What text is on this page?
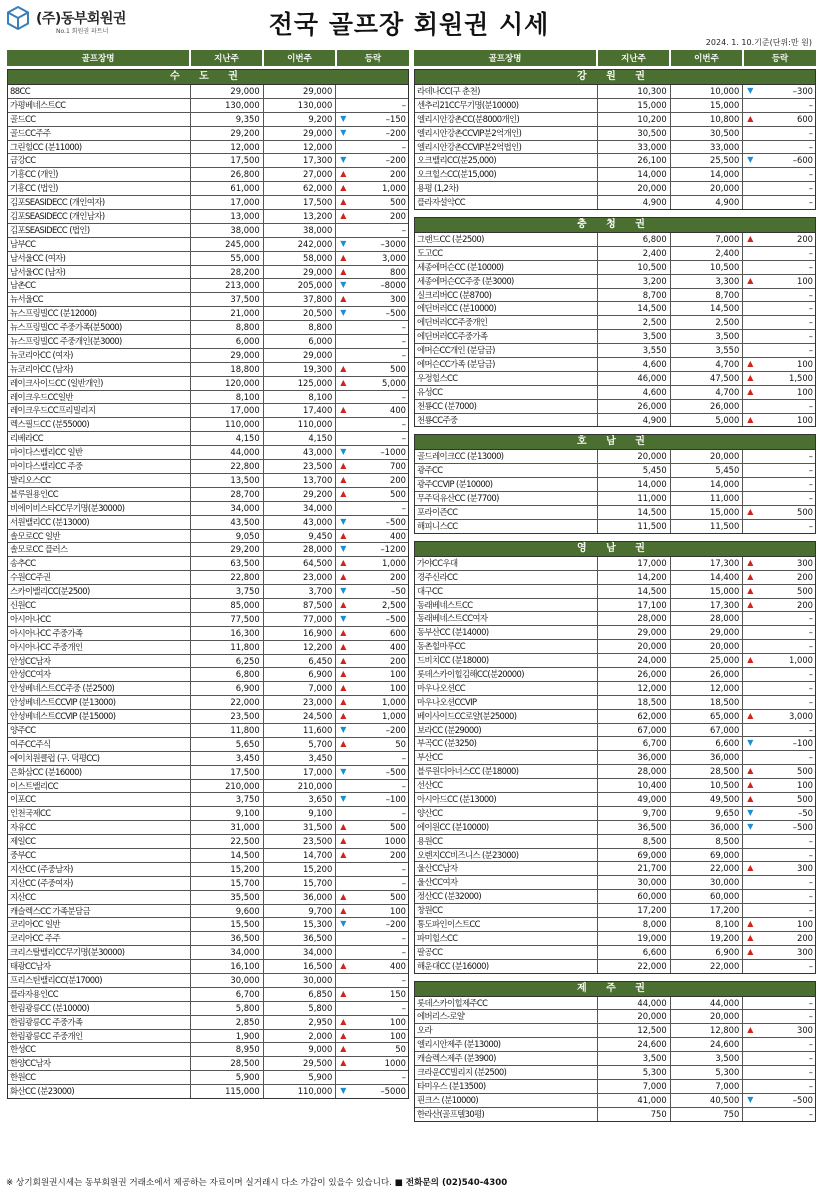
(주)동부회원권
No.1 회원권 파트너	전국 골프장 회원권 시세
2024. 1. 10.기준(단위:만 원)
골프장명	지난주	이번주	등락
수 도 권
88CC	29,000	29,000
가평베네스트CC	130,000	130,000	–
골드CC	9,350	9,200 ▼	–150
골드CC주주	29,200	29,000 ▼	–200
그린힐CC (분11000)	12,000	12,000	–
금강CC	17,500	17,300 ▼	–200
기흥CC (개인)	26,800	27,000 ▲	200
기흥CC (법인)	61,000	62,000 ▲	1,000
김포SEASIDECC (개인여자)	17,000	17,500 ▲	500
김포SEASIDECC (개인남자)	13,000	13,200 ▲	200
김포SEASIDECC (법인)	38,000	38,000	–
남부CC	245,000	242,000 ▼	–3000
남서울CC (여자)	55,000	58,000 ▲	3,000
남서울CC (남자)	28,200	29,000 ▲	800
남촌CC	213,000	205,000 ▼	–8000
뉴서울CC	37,500	37,800 ▲	300
뉴스프링빌CC (분12000)	21,000	20,500 ▼	–500
뉴스프링빌CC 주중가족(분5000)	8,800	8,800	–
뉴스프링빌CC 주중개인(분3000)	6,000	6,000	–
뉴코리아CC (여자)	29,000	29,000	–
뉴코리아CC (남자)	18,800	19,300 ▲	500
레이크사이드CC (일반개인)	120,000	125,000 ▲	5,000
레이크우드CC일반	8,100	8,100	–
레이크우드CC프리빌리지	17,000	17,400 ▲	400
렉스필드CC (분55000)	110,000	110,000	–
리베라CC	4,150	4,150	–
마이다스밸리CC 일반	44,000	43,000 ▼	–1000
마이다스밸리CC 주중	22,800	23,500 ▲	700
발리오스CC	13,500	13,700 ▲	200
블루원용인CC	28,700	29,200 ▲	500
비에이비스타CC무기명(분30000)	34,000	34,000	–
서원밸리CC (분13000)	43,500	43,000 ▼	–500
솔모로CC 일반	9,050	9,450 ▲	400
솔모로CC 플러스	29,200	28,000 ▼	–1200
송추CC	63,500	64,500 ▲	1,000
수원CC주권	22,800	23,000 ▲	200
스카이밸리CC(분2500)	3,750	3,700 ▼	–50
신원CC	85,000	87,500 ▲	2,500
아시아나CC	77,500	77,000 ▼	–500
아시아나CC 주중가족	16,300	16,900 ▲	600
아시아나CC 주중개인	11,800	12,200 ▲	400
안성CC남자	6,250	6,450 ▲	200
안성CC여자	6,800	6,900 ▲	100
안성베네스트CC주중 (분2500)	6,900	7,000 ▲	100
안성베네스트CCVIP (분13000)	22,000	23,000 ▲	1,000
안성베네스트CCVIP (분15000)	23,500	24,500 ▲	1,000
양주CC	11,800	11,600 ▼	–200
여주CC주식	5,650	5,700 ▲	50
에이치원클럽 (구. 덕평CC)	3,450	3,450	–
은화삼CC (분16000)	17,500	17,000 ▼	–500
이스트밸리CC	210,000	210,000	–
이포CC	3,750	3,650 ▼	–100
인천국제CC	9,100	9,100	–
자유CC	31,000	31,500 ▲	500
제일CC	22,500	23,500 ▲	1000
중부CC	14,500	14,700 ▲	200
지산CC (주중남자)	15,200	15,200	–
지산CC (주중여자)	15,700	15,700	–
지산CC	35,500	36,000 ▲	500
캐슬렉스CC 가족분담금	9,600	9,700 ▲	100
코리아CC 일반	15,500	15,300 ▼	–200
코리아CC 주주	36,500	36,500	–
크리스탈밸리CC무기명(분30000)	34,000	34,000	–
태광CC남자	16,100	16,500 ▲	400
프리스틴밸리CC(분17000)	30,000	30,000	–
플라자용인CC	6,700	6,850 ▲	150
한림광릉CC (분10000)	5,800	5,800	–
한림광릉CC 주중가족	2,850	2,950 ▲	100
한림광릉CC 주중개인	1,900	2,000 ▲	100
한성CC	8,950	9,000 ▲	50
한양CC남자	28,500	29,500 ▲	1000
한원CC	5,900	5,900	–
화산CC (분23000)	115,000	110,000 ▼	–5000
골프장명	지난주	이번주	등락
강 원 권
라데나CC(구 춘천)	10,300	10,000 ▼	–300
센추리21CC무기명(분10000)	15,000	15,000	–
엘리시안강촌CC(분8000개인)	10,200	10,800 ▲	600
엘리시안강촌CCVIP분2억개인)	30,500	30,500	–
엘리시안강촌CCVIP분2억법인)	33,000	33,000	–
오크밸리CC(분25,000)	26,100	25,500 ▼	–600
오크힐스CC(분15,000)	14,000	14,000	–
용평 (1,2차)	20,000	20,000	–
플라자설악CC	4,900	4,900	–
충 청 권
그랜드CC (분2500)	6,800	7,000 ▲	200
도고CC	2,400	2,400	–
세종에머슨CC (분10000)	10,500	10,500	–
세종에머슨CC주중 (분3000)	3,200	3,300 ▲	100
실크리버CC (분8700)	8,700	8,700	–
에딘버러CC (분10000)	14,500	14,500	–
에딘버러CC주중개인	2,500	2,500	–
에딘버러CC주중가족	3,500	3,500	–
에머슨CC개인 (분담금)	3,550	3,550	–
에머슨CC가족 (분담금)	4,600	4,700 ▲	100
우정힐스CC	46,000	47,500 ▲	1,500
유성CC	4,600	4,700 ▲	100
천룡CC (분7000)	26,000	26,000	–
천룡CC주중	4,900	5,000 ▲	100
호 남 권
골드레이크CC (분13000)	20,000	20,000	–
광주CC	5,450	5,450	–
광주CCVIP (분10000)	14,000	14,000	–
무주덕유산CC (분7700)	11,000	11,000	–
포라이즌CC	14,500	15,000 ▲	500
해피니스CC	11,500	11,500	–
영 남 권
가야CC우대	17,000	17,300 ▲	300
경주신라CC	14,200	14,400 ▲	200
대구CC	14,500	15,000 ▲	500
동래베네스트CC	17,100	17,300 ▲	200
동래베네스트CC여자	28,000	28,000	–
동부산CC (분14000)	29,000	29,000	–
동촌힐마루CC	20,000	20,000	–
드비치CC (분18000)	24,000	25,000 ▲	1,000
롯데스카이힐김해CC(분20000)	26,000	26,000	–
마우나오션CC	12,000	12,000	–
마우나오션CCVIP	18,500	18,500	–
베이사이드CC로얄(분25000)	62,000	65,000 ▲	3,000
보라CC (분29000)	67,000	67,000	–
부곡CC (분3250)	6,700	6,600 ▼	–100
부산CC	36,000	36,000	–
블루원디아너스CC (분18000)	28,000	28,500 ▲	500
선산CC	10,400	10,500 ▲	100
아시아드CC (분13000)	49,000	49,500 ▲	500
양산CC	9,700	9,650 ▼	–50
에이원CC (분10000)	36,500	36,000 ▼	–500
용원CC	8,500	8,500	–
오렌지CC비즈니스 (분23000)	69,000	69,000	–
울산CC남자	21,700	22,000 ▲	300
울산CC여자	30,000	30,000	–
정산CC (분32000)	60,000	60,000	–
창원CC	17,200	17,200	–
통도파인이스트CC	8,000	8,100 ▲	100
파미힐스CC	19,000	19,200 ▲	200
팔공CC	6,600	6,900 ▲	300
해운대CC (분16000)	22,000	22,000	–
제 주 권
롯데스카이힐제주CC	44,000	44,000	–
에버리스-로얄	20,000	20,000	–
오라	12,500	12,800 ▲	300
엘리시안제주 (분13000)	24,600	24,600	–
캐슬렉스제주 (분3900)	3,500	3,500	–
크라운CC빌리지 (분2500)	5,300	5,300	–
타미우스 (분13500)	7,000	7,000	–
핀크스 (분10000)	41,000	40,500 ▼	–500
한라산(골프텔30평)	750	750	–
※ 상기회원권시세는 동부회원권 거래소에서 제공하는 자료이며 실거래시 다소 가감이 있을수 있습니다. ■ 전화문의 (02)540-4300
